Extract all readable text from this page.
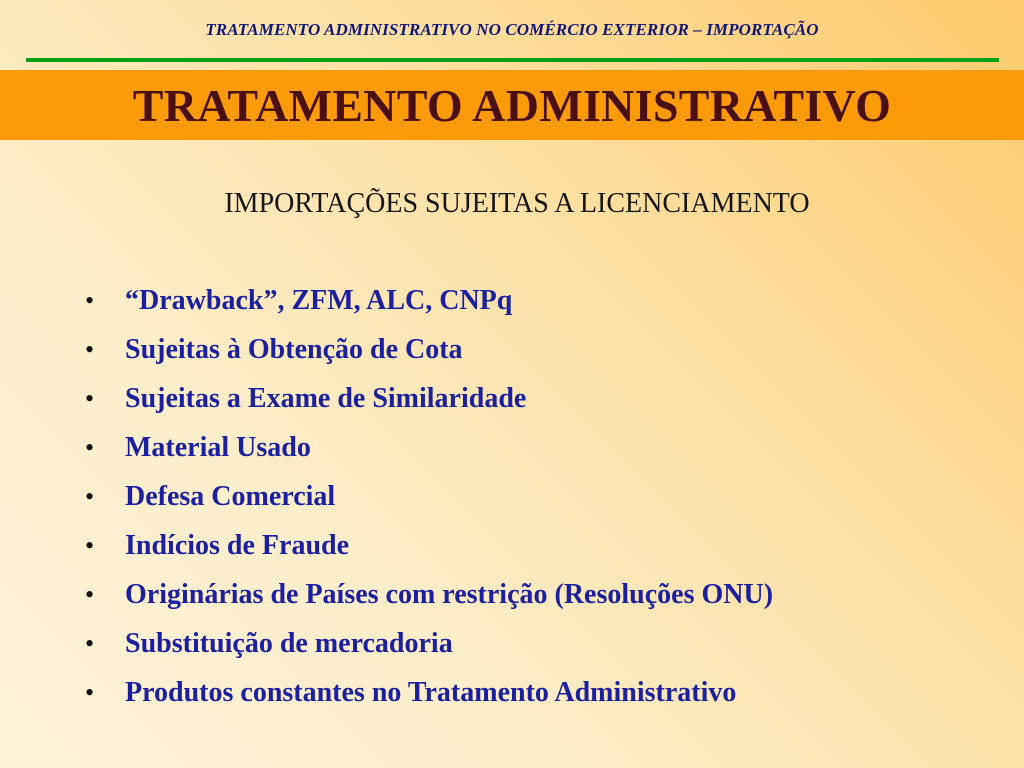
TRATAMENTO ADMINISTRATIVO NO COMÉRCIO EXTERIOR – IMPORTAÇÃO
TRATAMENTO ADMINISTRATIVO
IMPORTAÇÕES SUJEITAS A LICENCIAMENTO
• “Drawback”, ZFM, ALC, CNPq
• Sujeitas à Obtenção de Cota
• Sujeitas a Exame de Similaridade
• Material Usado
• Defesa Comercial
• Indícios de Fraude
• Originárias de Países com restrição (Resoluções ONU)
• Substituição de mercadoria
• Produtos constantes no Tratamento Administrativo
